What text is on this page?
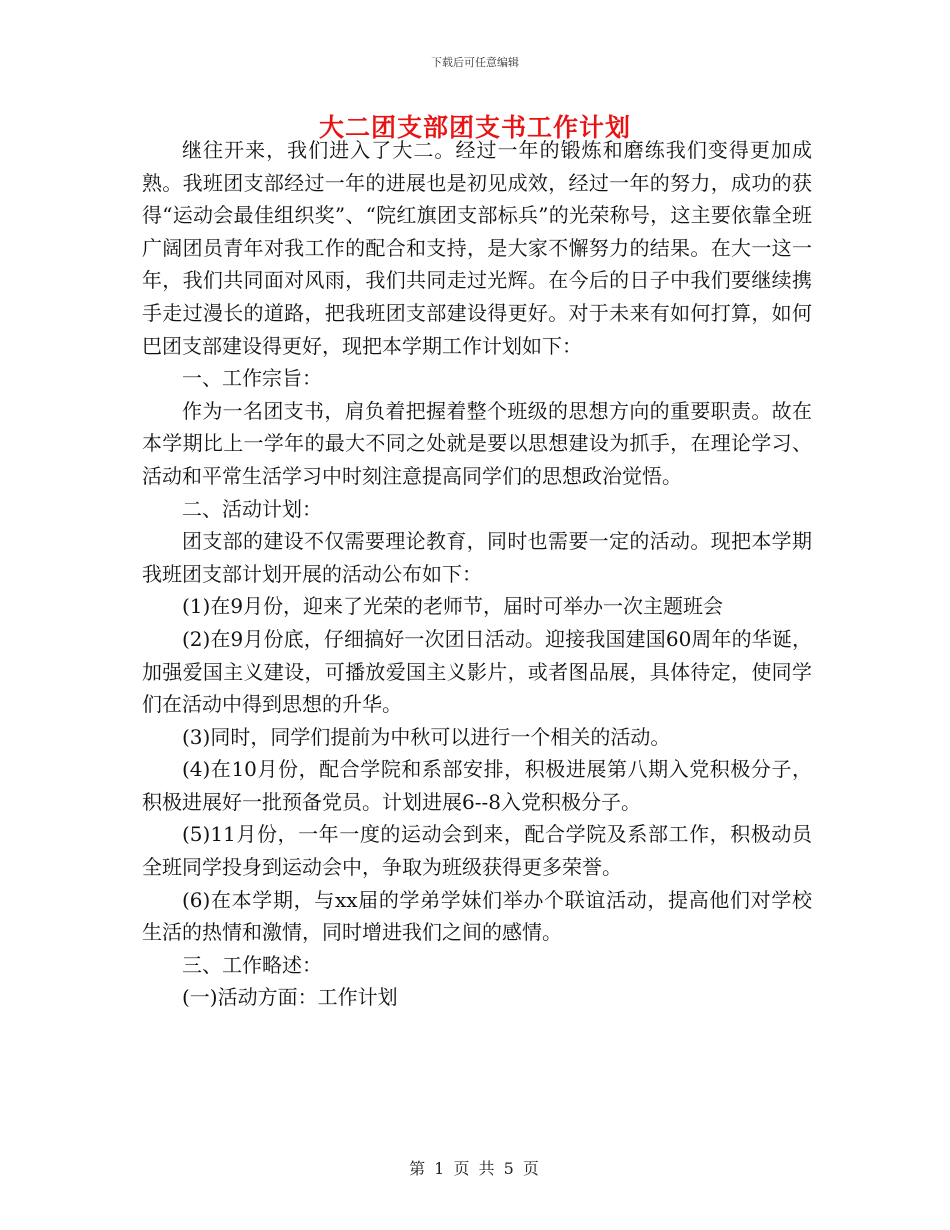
下载后可任意编辑
大二团支部团支书工作计划

继往开来，我们进入了大二。经过一年的锻炼和磨练我们变得更加成熟。我班团支部经过一年的进展也是初见成效，经过一年的努力，成功的获得“运动会最佳组织奖”、“院红旗团支部标兵”的光荣称号，这主要依靠全班广阔团员青年对我工作的配合和支持，是大家不懈努力的结果。在大一这一年，我们共同面对风雨，我们共同走过光辉。在今后的日子中我们要继续携手走过漫长的道路，把我班团支部建设得更好。对于未来有如何打算，如何巴团支部建设得更好，现把本学期工作计划如下：

一、工作宗旨：

作为一名团支书，肩负着把握着整个班级的思想方向的重要职责。故在本学期比上一学年的最大不同之处就是要以思想建设为抓手，在理论学习、活动和平常生活学习中时刻注意提高同学们的思想政治觉悟。

二、活动计划：

团支部的建设不仅需要理论教育，同时也需要一定的活动。现把本学期我班团支部计划开展的活动公布如下：

(1)在9月份，迎来了光荣的老师节，届时可举办一次主题班会

(2)在9月份底，仔细搞好一次团日活动。迎接我国建国60周年的华诞，加强爱国主义建设，可播放爱国主义影片，或者图品展，具体待定，使同学们在活动中得到思想的升华。

(3)同时，同学们提前为中秋可以进行一个相关的活动。

(4)在10月份，配合学院和系部安排，积极进展第八期入党积极分子，积极进展好一批预备党员。计划进展6--8入党积极分子。

(5)11月份，一年一度的运动会到来，配合学院及系部工作，积极动员全班同学投身到运动会中，争取为班级获得更多荣誉。

(6)在本学期，与xx届的学弟学妹们举办个联谊活动，提高他们对学校生活的热情和激情，同时增进我们之间的感情。

三、工作略述：

(一)活动方面：工作计划

第 1 页 共 5 页
